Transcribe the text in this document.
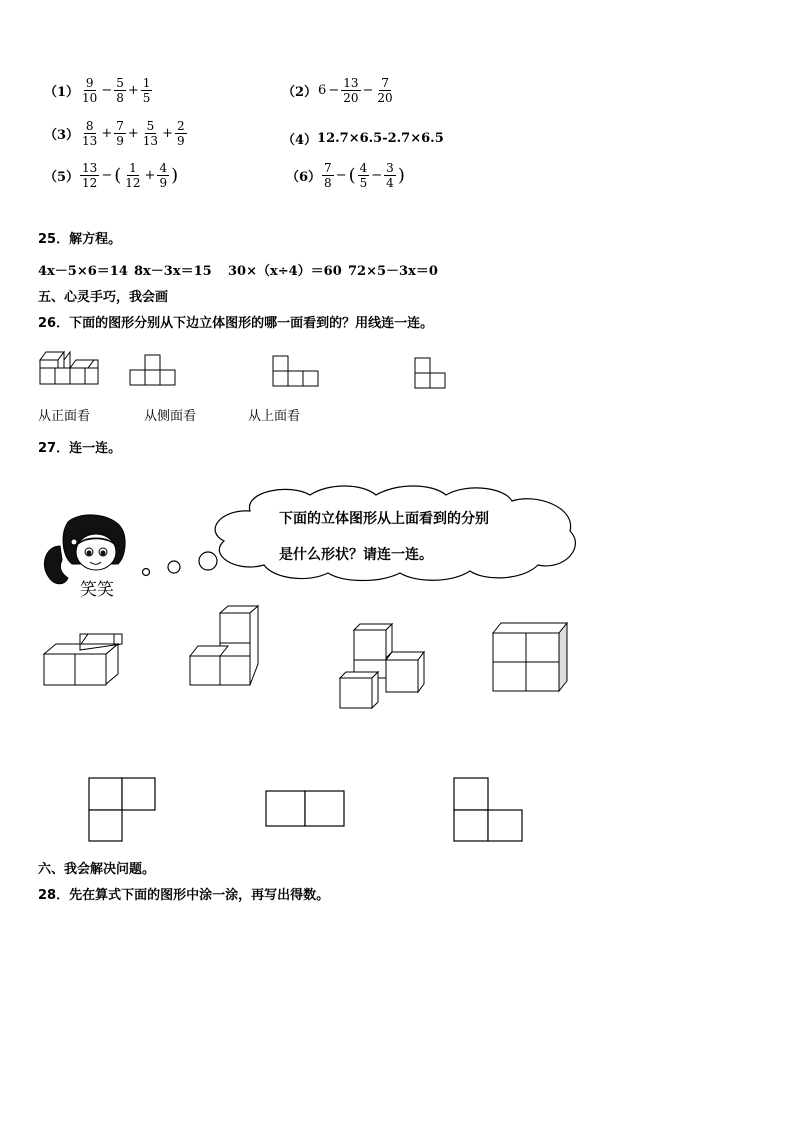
$(1) \frac{9}{10} - \frac{5}{8} + \frac{1}{5}$	（2） $6 - \frac{13}{20} - \frac{7}{20}$
$(3) \frac{8}{13} + \frac{7}{9} + \frac{5}{13} + \frac{2}{9}$	（4） 12.7×6.5-2.7×6.5
$(5) \frac{13}{12}$ − ( $\frac{1}{12} + \frac{4}{9}$ )	$(6) \frac{7}{8}$ − ( $\frac{4}{5} - \frac{3}{4}$ )
25．解方程。
4x－5×6＝14 8x－3x＝15 30×（x÷4）＝60 72×5－3x＝0
五、心灵手巧，我会画
26．下面的图形分别从下边立体图形的哪一面看到的？用线连一连。
从正面看	从侧面看	从上面看
27．连一连。
下面的立体图形从上面看到的分别
是什么形状？请连一连。
笑笑
六、我会解决问题。
28．先在算式下面的图形中涂一涂，再写出得数。
